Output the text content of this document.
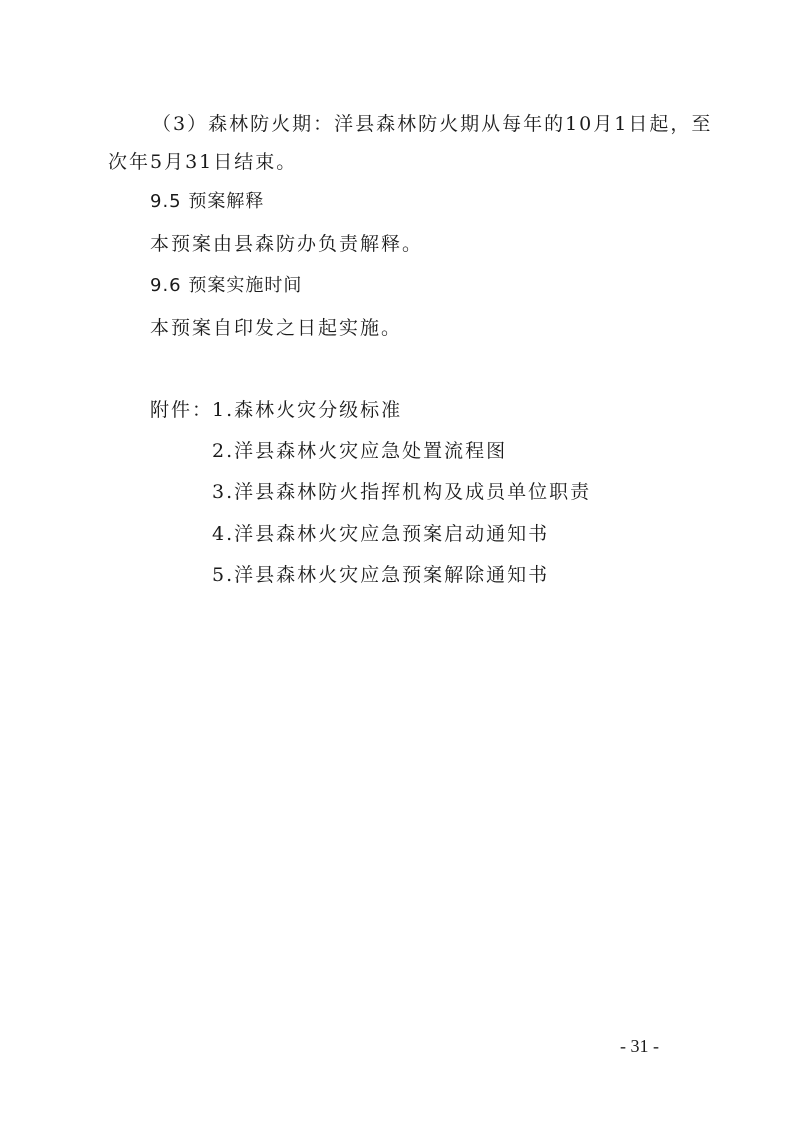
（3）森林防火期：洋县森林防火期从每年的10月1日起，至
次年5月31日结束。
9.5 预案解释
本预案由县森防办负责解释。
9.6 预案实施时间
本预案自印发之日起实施。
附件：
1.森林火灾分级标准
2.洋县森林火灾应急处置流程图
3.洋县森林防火指挥机构及成员单位职责
4.洋县森林火灾应急预案启动通知书
5.洋县森林火灾应急预案解除通知书
- 31 -
